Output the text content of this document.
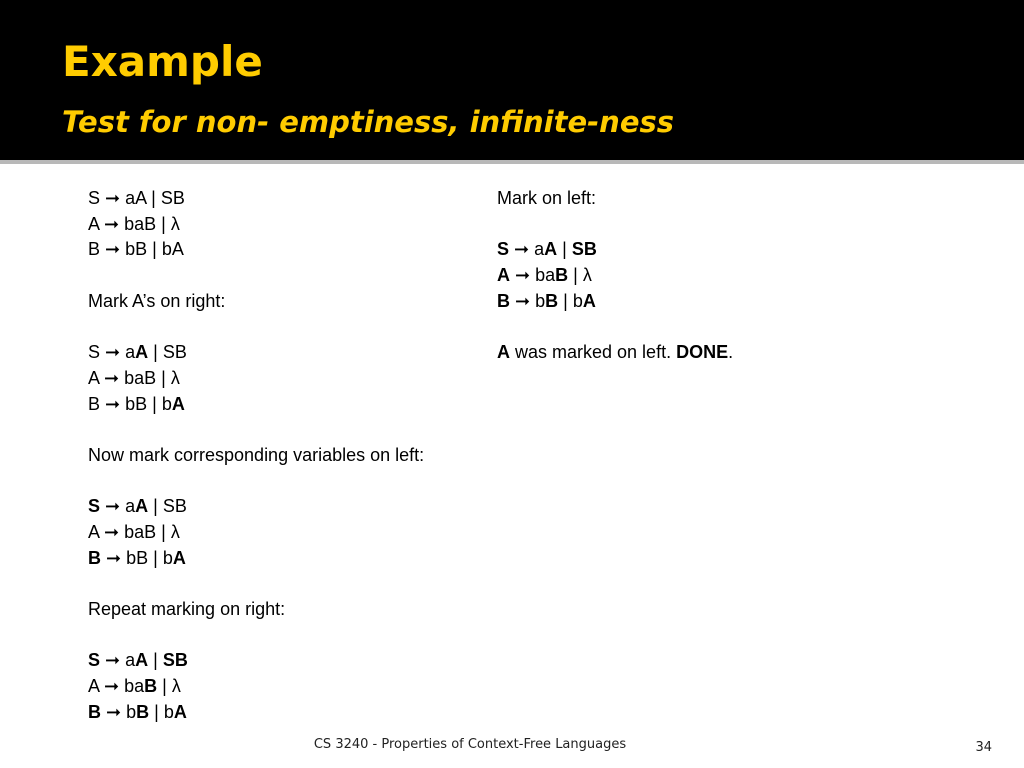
Example
Test for non- emptiness, infinite-ness
S ➞ aA | SB
A ➞ baB | λ
B ➞ bB | bA
Mark A’s on right:
S ➞ aA | SB
A ➞ baB | λ
B ➞ bB | bA
Now mark corresponding variables on left:
S ➞ aA | SB
A ➞ baB | λ
B ➞ bB | bA
Repeat marking on right:
S ➞ aA | SB
A ➞ baB | λ
B ➞ bB | bA
Mark on left:
S ➞ aA | SB
A ➞ baB | λ
B ➞ bB | bA
A was marked on left. DONE.
CS 3240 - Properties of Context-Free Languages	34
